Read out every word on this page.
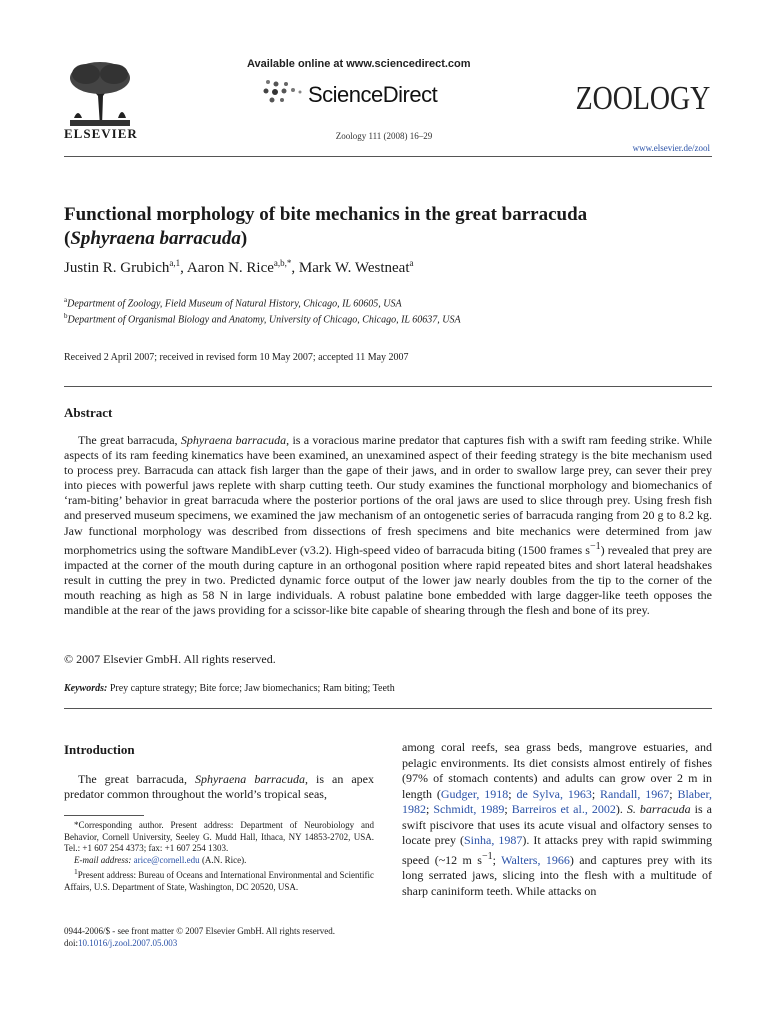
ELSEVIER
Available online at www.sciencedirect.com
ScienceDirect
Zoology 111 (2008) 16–29
ZOOLOGY
www.elsevier.de/zool
Functional morphology of bite mechanics in the great barracuda (Sphyraena barracuda)
Justin R. Grubich$^{a,1}$, Aaron N. Rice$^{a,b,*}$, Mark W. Westneat$^a$
$^a$Department of Zoology, Field Museum of Natural History, Chicago, IL 60605, USA
$^b$Department of Organismal Biology and Anatomy, University of Chicago, Chicago, IL 60637, USA
Received 2 April 2007; received in revised form 10 May 2007; accepted 11 May 2007
Abstract
The great barracuda, Sphyraena barracuda, is a voracious marine predator that captures fish with a swift ram feeding strike. While aspects of its ram feeding kinematics have been examined, an unexamined aspect of their feeding strategy is the bite mechanism used to process prey. Barracuda can attack fish larger than the gape of their jaws, and in order to swallow large prey, can sever their prey into pieces with powerful jaws replete with sharp cutting teeth. Our study examines the functional morphology and biomechanics of ‘ram-biting’ behavior in great barracuda where the posterior portions of the oral jaws are used to slice through prey. Using fresh fish and preserved museum specimens, we examined the jaw mechanism of an ontogenetic series of barracuda ranging from 20 g to 8.2 kg. Jaw functional morphology was described from dissections of fresh specimens and bite mechanics were determined from jaw morphometrics using the software MandibLever (v3.2). High-speed video of barracuda biting (1500 frames $s^{-1}$) revealed that prey are impacted at the corner of the mouth during capture in an orthogonal position where rapid repeated bites and short lateral headshakes result in cutting the prey in two. Predicted dynamic force output of the lower jaw nearly doubles from the tip to the corner of the mouth reaching as high as 58 N in large individuals. A robust palatine bone embedded with large dagger-like teeth opposes the mandible at the rear of the jaws providing for a scissor-like bite capable of shearing through the flesh and bone of its prey.
© 2007 Elsevier GmbH. All rights reserved.
Keywords: Prey capture strategy; Bite force; Jaw biomechanics; Ram biting; Teeth
Introduction
The great barracuda, Sphyraena barracuda, is an apex predator common throughout the world’s tropical seas,
among coral reefs, sea grass beds, mangrove estuaries, and pelagic environments. Its diet consists almost entirely of fishes (97% of stomach contents) and adults can grow over 2 m in length (Gudger, 1918; de Sylva, 1963; Randall, 1967; Blaber, 1982; Schmidt, 1989; Barreiros et al., 2002). S. barracuda is a swift piscivore that uses its acute visual and olfactory senses to locate prey (Sinha, 1987). It attacks prey with rapid swimming speed (~12 m $s^{-1}$; Walters, 1966) and captures prey with its long serrated jaws, slicing into the flesh with a multitude of sharp caniniform teeth. While attacks on

*Corresponding author. Present address: Department of Neurobiology and Behavior, Cornell University, Seeley G. Mudd Hall, Ithaca, NY 14853-2702, USA. Tel.: +1 607 254 4373; fax: +1 607 254 1303.

E-mail address: arice@cornell.edu (A.N. Rice).

$^1$Present address: Bureau of Oceans and International Environmental and Scientific Affairs, U.S. Department of State, Washington, DC 20520, USA.

0944-2006/$ - see front matter © 2007 Elsevier GmbH. All rights reserved.
doi:10.1016/j.zool.2007.05.003
